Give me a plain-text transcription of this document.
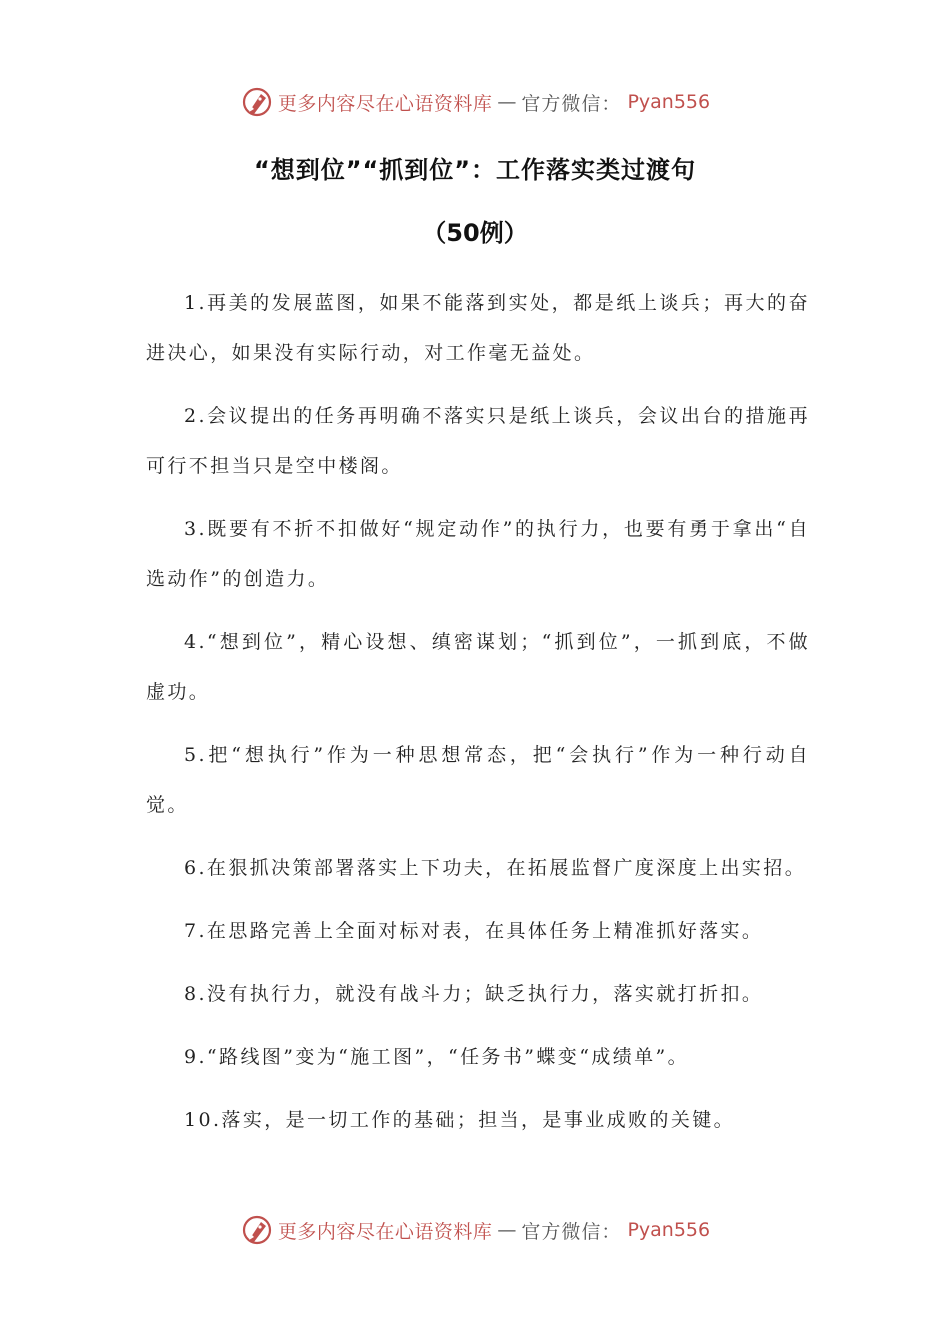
更多内容尽在心语资料库 — 官方微信： Pyan556
“想到位”“抓到位”：工作落实类过渡句
（50例）
1.再美的发展蓝图，如果不能落到实处，都是纸上谈兵；再大的奋进决心，如果没有实际行动，对工作毫无益处。
2.会议提出的任务再明确不落实只是纸上谈兵，会议出台的措施再可行不担当只是空中楼阁。
3.既要有不折不扣做好“规定动作”的执行力，也要有勇于拿出“自选动作”的创造力。
4.“想到位”，精心设想、缜密谋划；“抓到位”，一抓到底，不做虚功。
5.把“想执行”作为一种思想常态，把“会执行”作为一种行动自觉。
6.在狠抓决策部署落实上下功夫，在拓展监督广度深度上出实招。
7.在思路完善上全面对标对表，在具体任务上精准抓好落实。
8.没有执行力，就没有战斗力；缺乏执行力，落实就打折扣。
9.“路线图”变为“施工图”，“任务书”蝶变“成绩单”。
10.落实，是一切工作的基础；担当，是事业成败的关键。
更多内容尽在心语资料库 — 官方微信： Pyan556
